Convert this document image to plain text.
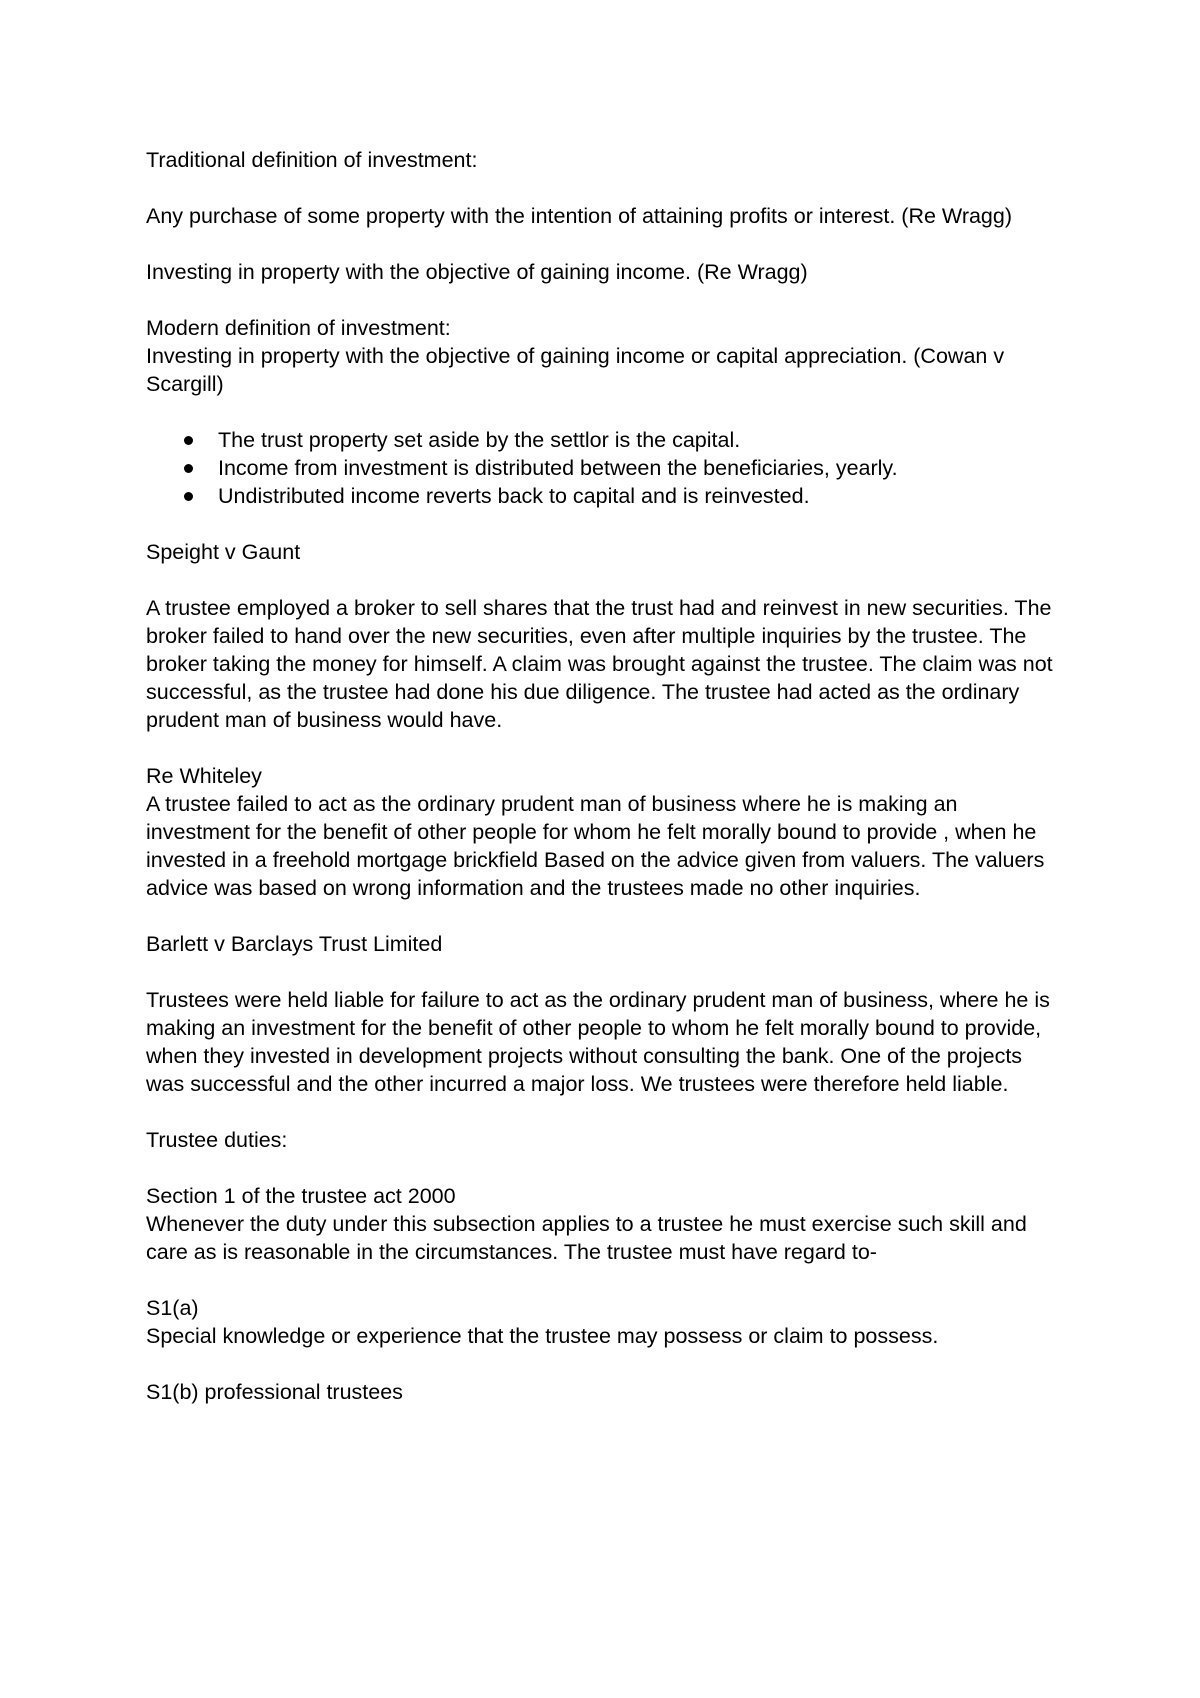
Traditional definition of investment:

Any purchase of some property with the intention of attaining profits or interest. (Re Wragg)

Investing in property with the objective of gaining income. (Re Wragg)

Modern definition of investment:

Investing in property with the objective of gaining income or capital appreciation. (Cowan v Scargill)

The trust property set aside by the settlor is the capital.
Income from investment is distributed between the beneficiaries, yearly.
Undistributed income reverts back to capital and is reinvested.

Speight v Gaunt

A trustee employed a broker to sell shares that the trust had and reinvest in new securities. The broker failed to hand over the new securities, even after multiple inquiries by the trustee. The broker taking the money for himself. A claim was brought against the trustee. The claim was not successful, as the trustee had done his due diligence. The trustee had acted as the ordinary prudent man of business would have.

Re Whiteley

A trustee failed to act as the ordinary prudent man of business where he is making an investment for the benefit of other people for whom he felt morally bound to provide , when he invested in a freehold mortgage brickfield Based on the advice given from valuers. The valuers advice was based on wrong information and the trustees made no other inquiries.

Barlett v Barclays Trust Limited

Trustees were held liable for failure to act as the ordinary prudent man of business, where he is making an investment for the benefit of other people to whom he felt morally bound to provide, when they invested in development projects without consulting the bank. One of the projects was successful and the other incurred a major loss. We trustees were therefore held liable.

Trustee duties:

Section 1 of the trustee act 2000

Whenever the duty under this subsection applies to a trustee he must exercise such skill and care as is reasonable in the circumstances. The trustee must have regard to-

S1(a)

Special knowledge or experience that the trustee may possess or claim to possess.

S1(b) professional trustees
